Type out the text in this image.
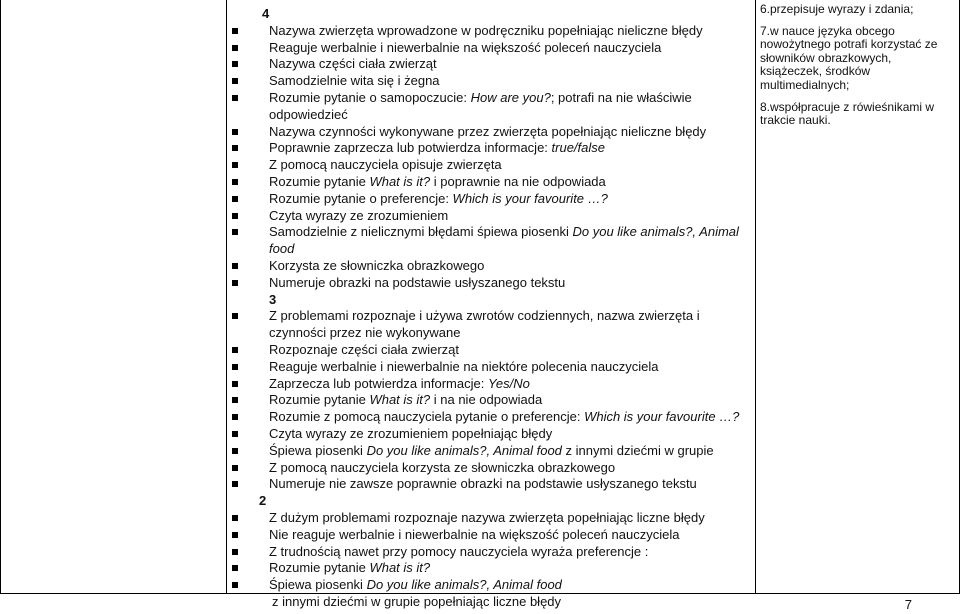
4
Nazywa zwierzęta wprowadzone w podręczniku popełniając nieliczne błędy
Reaguje werbalnie i niewerbalnie na większość poleceń nauczyciela
Nazywa części ciała zwierząt
Samodzielnie wita się i żegna
Rozumie pytanie o samopoczucie: How are you?; potrafi na nie właściwie odpowiedzieć
Nazywa czynności wykonywane przez zwierzęta popełniając nieliczne błędy
Poprawnie zaprzecza lub potwierdza informacje: true/false
Z pomocą nauczyciela opisuje zwierzęta
Rozumie pytanie What is it? i poprawnie na nie odpowiada
Rozumie pytanie o preferencje: Which is your favourite …?
Czyta wyrazy ze zrozumieniem
Samodzielnie z nielicznymi błędami śpiewa piosenki Do you like animals?, Animal food
Korzysta ze słowniczka obrazkowego
Numeruje obrazki na podstawie usłyszanego tekstu
3
Z problemami rozpoznaje i używa zwrotów codziennych, nazwa zwierzęta i czynności przez nie wykonywane
Rozpoznaje części ciała zwierząt
Reaguje werbalnie i niewerbalnie na niektóre polecenia nauczyciela
Zaprzecza lub potwierdza informacje: Yes/No
Rozumie pytanie What is it? i na nie odpowiada
Rozumie z pomocą nauczyciela pytanie o preferencje: Which is your favourite …?
Czyta wyrazy ze zrozumieniem popełniając błędy
Śpiewa piosenki Do you like animals?, Animal food z innymi dziećmi w grupie
Z pomocą nauczyciela korzysta ze słowniczka obrazkowego
Numeruje nie zawsze poprawnie obrazki na podstawie usłyszanego tekstu
2
Z dużym problemami rozpoznaje nazywa zwierzęta popełniając liczne błędy
Nie reaguje werbalnie i niewerbalnie na większość poleceń nauczyciela
Z trudnością nawet przy pomocy nauczyciela wyraża preferencje :
Rozumie pytanie What is it?
Śpiewa piosenki Do you like animals?, Animal food
z innymi dziećmi w grupie popełniając liczne błędy
6.przepisuje wyrazy i zdania;
7.w nauce języka obcego nowożytnego potrafi korzystać ze słowników obrazkowych, książeczek, środków multimedialnych;
8.współpracuje z rówieśnikami w trakcie nauki.
7
